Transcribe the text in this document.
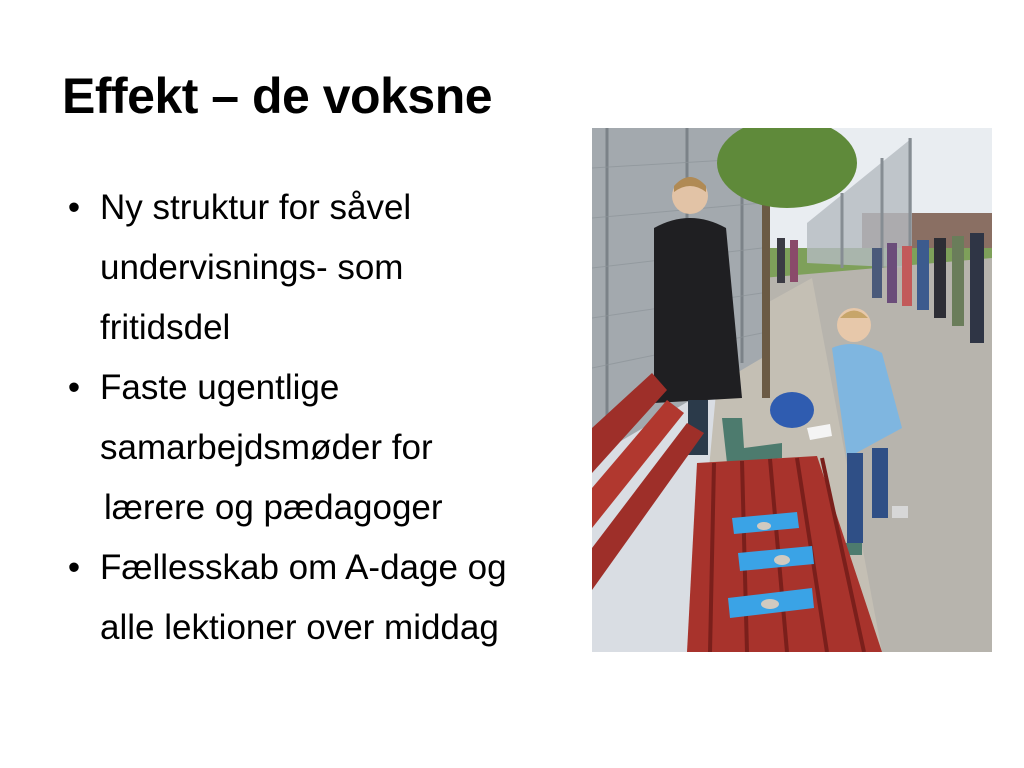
Effekt – de voksne
• Ny struktur for såvel
undervisnings- som
fritidsdel
• Faste ugentlige
samarbejdsmøder for
lærere og pædagoger
• Fællesskab om A-dage og
alle lektioner over middag
